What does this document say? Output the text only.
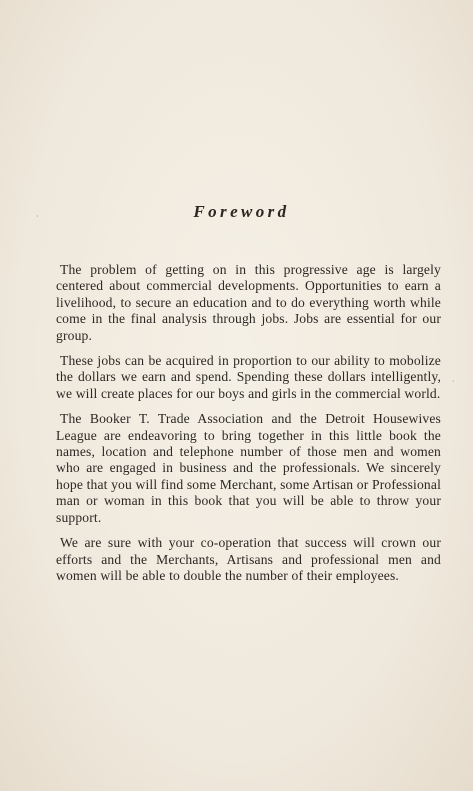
·
·
Foreword

The problem of getting on in this progressive age is largely centered about commercial developments. Opportunities to earn a livelihood, to secure an education and to do everything worth while come in the final analysis through jobs. Jobs are essential for our group.

These jobs can be acquired in proportion to our ability to mobolize the dollars we earn and spend. Spending these dollars intelligently, we will create places for our boys and girls in the commercial world.

The Booker T. Trade Association and the Detroit Housewives League are endeavoring to bring together in this little book the names, location and telephone number of those men and women who are engaged in business and the professionals. We sincerely hope that you will find some Merchant, some Artisan or Professional man or woman in this book that you will be able to throw your support.

We are sure with your co-operation that success will crown our efforts and the Merchants, Artisans and professional men and women will be able to double the number of their employees.
